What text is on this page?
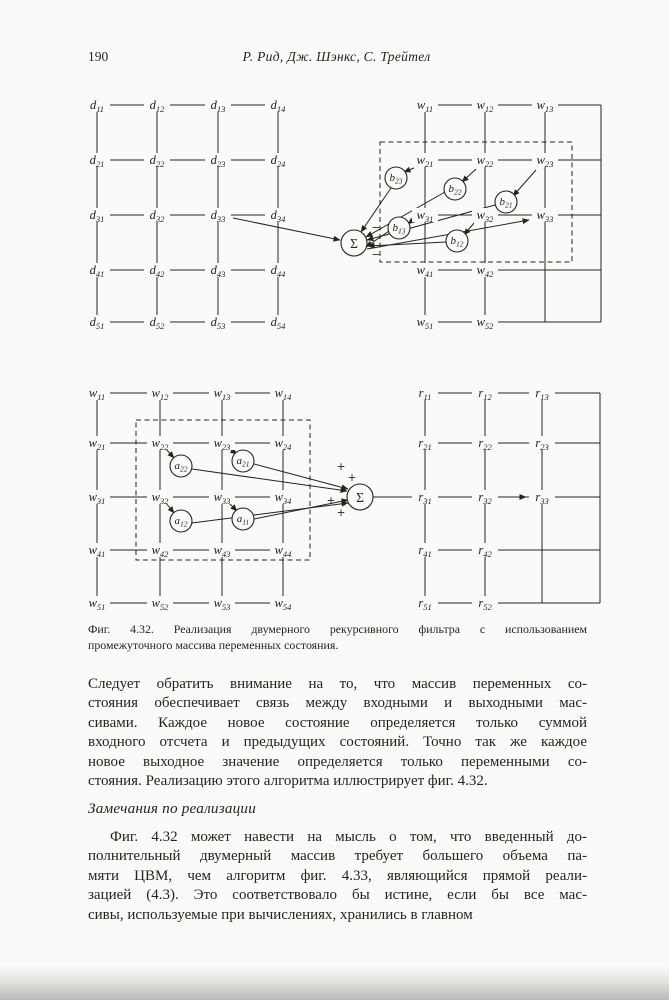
190	Р. Рид, Дж. Шэнкс, С. Трейтел
$d_{11}$	$d_{12}$	$d_{13}$	$d_{14}$
$d_{21}$	$d_{22}$	$d_{23}$	$d_{24}$
$d_{31}$	$d_{32}$	$d_{33}$	$d_{34}$
$d_{41}$	$d_{42}$	$d_{43}$	$d_{44}$
$d_{51}$	$d_{52}$	$d_{53}$	$d_{54}$
$w_{11}$	$w_{12}$	$w_{13}$
$w_{21}$	$w_{22}$	$w_{23}$
$w_{31}$	$w_{32}$	$w_{33}$
$w_{41}$	$w_{42}$
$w_{51}$	$w_{52}$
$b_{23}$
$b_{22}$
$b_{21}$
$b_{13}$
$b_{12}$
Σ
−
−
$w_{11}$	$w_{12}$	$w_{13}$	$w_{14}$
$w_{21}$	$w_{22}$	$w_{23}$	$w_{24}$
$w_{31}$	$w_{32}$	$w_{33}$	$w_{34}$
$w_{41}$	$w_{42}$	$w_{43}$	$w_{44}$
$w_{51}$	$w_{52}$	$w_{53}$	$w_{54}$
$r_{11}$	$r_{12}$	$r_{13}$
$r_{21}$	$r_{22}$	$r_{23}$
$r_{31}$	$r_{32}$	$r_{33}$
$r_{41}$	$r_{42}$
$r_{51}$	$r_{52}$
$a_{22}$
$a_{21}$
$a_{12}$	$a_{11}$
Σ
+
+
+
+
Фиг. 4.32. Реализация двумерного рекурсивного фильтра с использованием
промежуточного массива переменных состояния.
Следует обратить внимание на то, что массив переменных со-
стояния обеспечивает связь между входными и выходными мас-
сивами. Каждое новое состояние определяется только суммой
входного отсчета и предыдущих состояний. Точно так же каждое
новое выходное значение определяется только переменными со-
стояния. Реализацию этого алгоритма иллюстрирует фиг. 4.32.
Замечания по реализации
Фиг. 4.32 может навести на мысль о том, что введенный до-
полнительный двумерный массив требует большего объема па-
мяти ЦВМ, чем алгоритм фиг. 4.33, являющийся прямой реали-
зацией (4.3). Это соответствовало бы истине, если бы все мас-
сивы, используемые при вычислениях, хранились в главном
